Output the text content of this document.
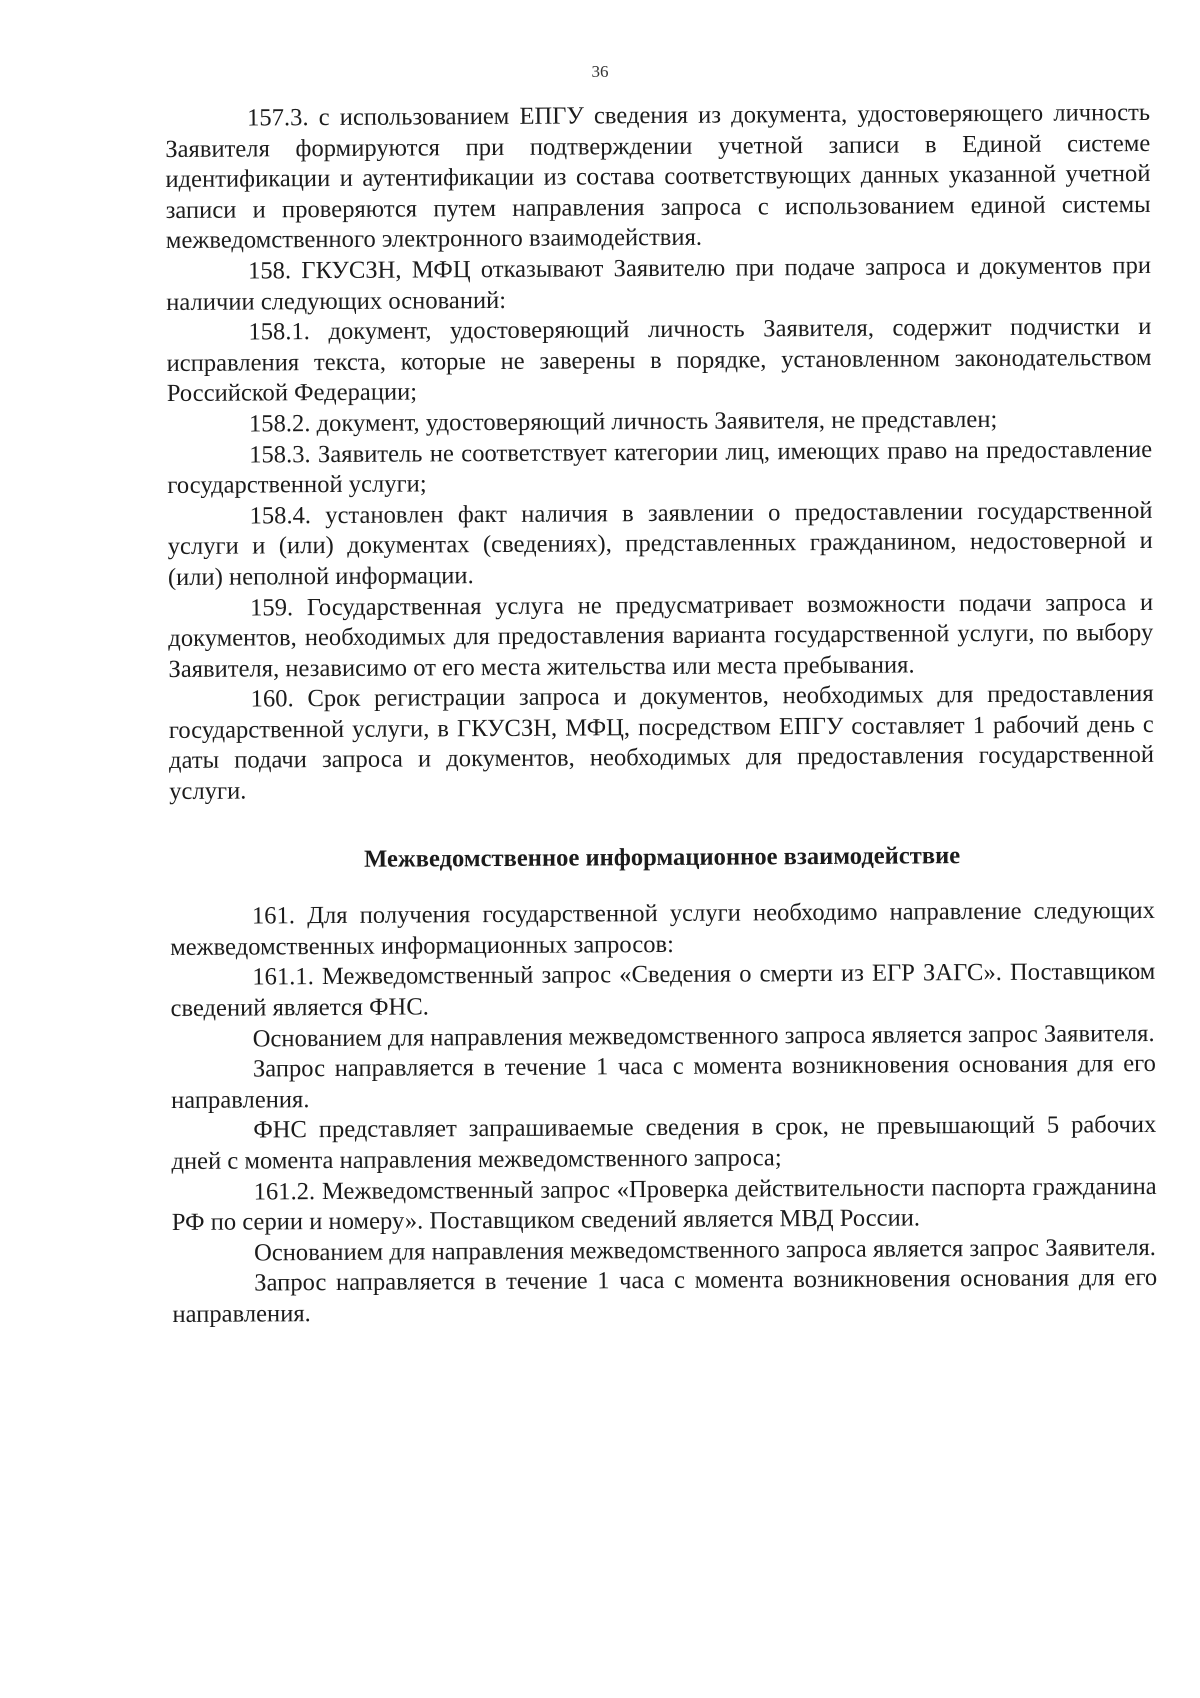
36

157.3. с использованием ЕПГУ сведения из документа, удостоверяющего личность Заявителя формируются при подтверждении учетной записи в Единой системе идентификации и аутентификации из состава соответствующих данных указанной учетной записи и проверяются путем направления запроса с использованием единой системы межведомственного электронного взаимодействия.

158. ГКУСЗН, МФЦ отказывают Заявителю при подаче запроса и документов при наличии следующих оснований:

158.1. документ, удостоверяющий личность Заявителя, содержит подчистки и исправления текста, которые не заверены в порядке, установленном законодательством Российской Федерации;

158.2. документ, удостоверяющий личность Заявителя, не представлен;

158.3. Заявитель не соответствует категории лиц, имеющих право на предоставление государственной услуги;

158.4. установлен факт наличия в заявлении о предоставлении государственной услуги и (или) документах (сведениях), представленных гражданином, недостоверной и (или) неполной информации.

159. Государственная услуга не предусматривает возможности подачи запроса и документов, необходимых для предоставления варианта государственной услуги, по выбору Заявителя, независимо от его места жительства или места пребывания.

160. Срок регистрации запроса и документов, необходимых для предоставления государственной услуги, в ГКУСЗН, МФЦ, посредством ЕПГУ составляет 1 рабочий день с даты подачи запроса и документов, необходимых для предоставления государственной услуги.

Межведомственное информационное взаимодействие

161. Для получения государственной услуги необходимо направление следующих межведомственных информационных запросов:

161.1. Межведомственный запрос «Сведения о смерти из ЕГР ЗАГС». Поставщиком сведений является ФНС.

Основанием для направления межведомственного запроса является запрос Заявителя.

Запрос направляется в течение 1 часа с момента возникновения основания для его направления.

ФНС представляет запрашиваемые сведения в срок, не превышающий 5 рабочих дней с момента направления межведомственного запроса;

161.2. Межведомственный запрос «Проверка действительности паспорта гражданина РФ по серии и номеру». Поставщиком сведений является МВД России.

Основанием для направления межведомственного запроса является запрос Заявителя.

Запрос направляется в течение 1 часа с момента возникновения основания для его направления.
